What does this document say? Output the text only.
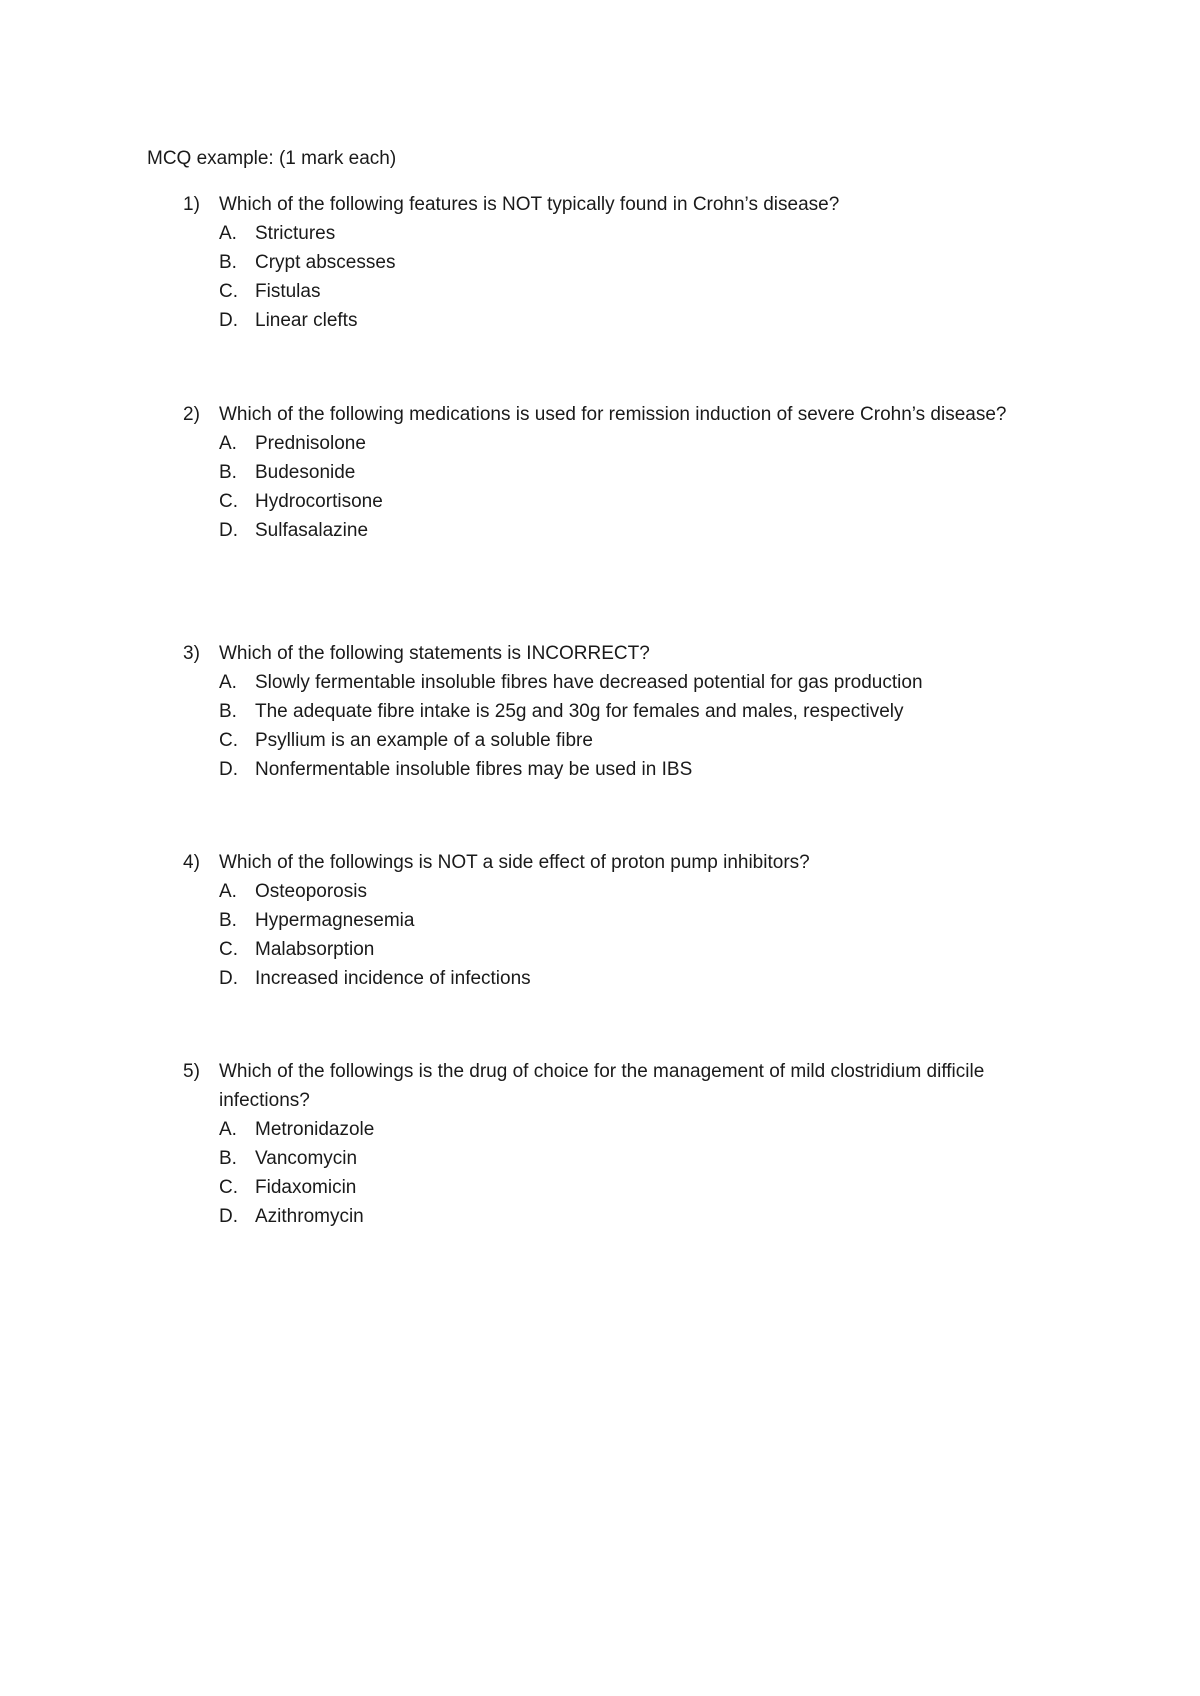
MCQ example: (1 mark each)
1) Which of the following features is NOT typically found in Crohn’s disease?
A. Strictures
B. Crypt abscesses
C. Fistulas
D. Linear clefts
2) Which of the following medications is used for remission induction of severe Crohn’s disease?
A. Prednisolone
B. Budesonide
C. Hydrocortisone
D. Sulfasalazine
3) Which of the following statements is INCORRECT?
A. Slowly fermentable insoluble fibres have decreased potential for gas production
B. The adequate fibre intake is 25g and 30g for females and males, respectively
C. Psyllium is an example of a soluble fibre
D. Nonfermentable insoluble fibres may be used in IBS
4) Which of the followings is NOT a side effect of proton pump inhibitors?
A. Osteoporosis
B. Hypermagnesemia
C. Malabsorption
D. Increased incidence of infections
5) Which of the followings is the drug of choice for the management of mild clostridium difficile infections?
A. Metronidazole
B. Vancomycin
C. Fidaxomicin
D. Azithromycin
